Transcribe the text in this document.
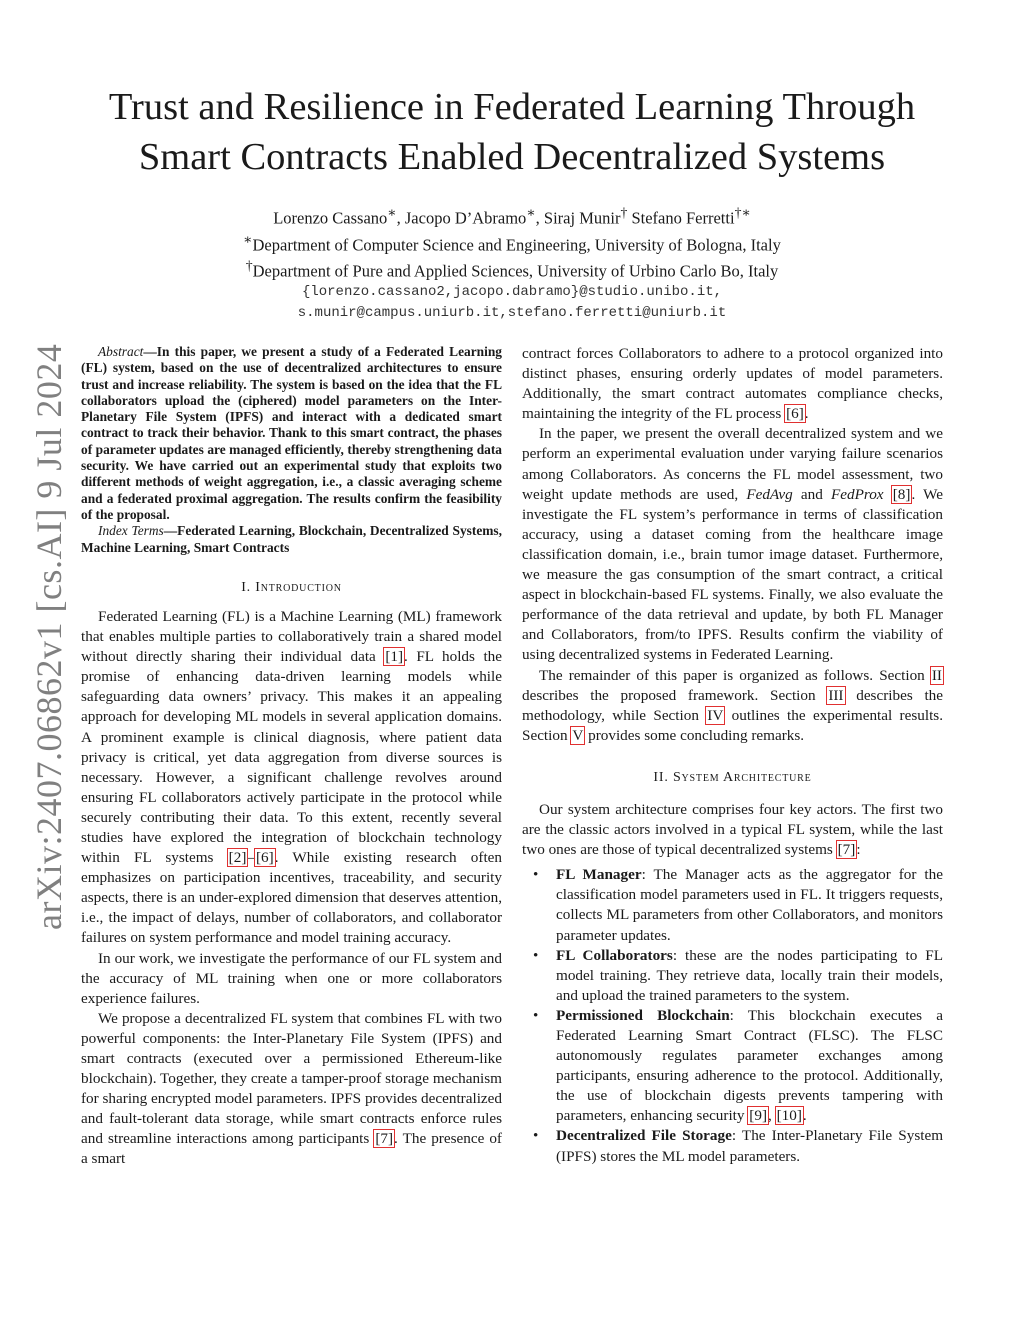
arXiv:2407.06862v1 [cs.AI] 9 Jul 2024
Trust and Resilience in Federated Learning Through
Smart Contracts Enabled Decentralized Systems
Lorenzo Cassano∗, Jacopo D’Abramo∗, Siraj Munir† Stefano Ferretti†∗
∗Department of Computer Science and Engineering, University of Bologna, Italy
†Department of Pure and Applied Sciences, University of Urbino Carlo Bo, Italy
{lorenzo.cassano2,jacopo.dabramo}@studio.unibo.it,
s.munir@campus.uniurb.it,stefano.ferretti@uniurb.it

Abstract—In this paper, we present a study of a Federated Learning (FL) system, based on the use of decentralized architectures to ensure trust and increase reliability. The system is based on the idea that the FL collaborators upload the (ciphered) model parameters on the Inter-Planetary File System (IPFS) and interact with a dedicated smart contract to track their behavior. Thank to this smart contract, the phases of parameter updates are managed efficiently, thereby strengthening data security. We have carried out an experimental study that exploits two different methods of weight aggregation, i.e., a classic averaging scheme and a federated proximal aggregation. The results confirm the feasibility of the proposal.

Index Terms—Federated Learning, Blockchain, Decentralized Systems, Machine Learning, Smart Contracts

I. Introduction

Federated Learning (FL) is a Machine Learning (ML) framework that enables multiple parties to collaboratively train a shared model without directly sharing their individual data [1]. FL holds the promise of enhancing data-driven learning models while safeguarding data owners’ privacy. This makes it an appealing approach for developing ML models in several application domains. A prominent example is clinical diagnosis, where patient data privacy is critical, yet data aggregation from diverse sources is necessary. However, a significant challenge revolves around ensuring FL collaborators actively participate in the protocol while securely contributing their data. To this extent, recently several studies have explored the integration of blockchain technology within FL systems [2]–[6]. While existing research often emphasizes on participation incentives, traceability, and security aspects, there is an under-explored dimension that deserves attention, i.e., the impact of delays, number of collaborators, and collaborator failures on system performance and model training accuracy.

In our work, we investigate the performance of our FL system and the accuracy of ML training when one or more collaborators experience failures.

We propose a decentralized FL system that combines FL with two powerful components: the Inter-Planetary File System (IPFS) and smart contracts (executed over a permissioned Ethereum-like blockchain). Together, they create a tamper-proof storage mechanism for sharing encrypted model parameters. IPFS provides decentralized and fault-tolerant data storage, while smart contracts enforce rules and streamline interactions among participants [7]. The presence of a smart

contract forces Collaborators to adhere to a protocol organized into distinct phases, ensuring orderly updates of model parameters. Additionally, the smart contract automates compliance checks, maintaining the integrity of the FL process [6].

In the paper, we present the overall decentralized system and we perform an experimental evaluation under varying failure scenarios among Collaborators. As concerns the FL model assessment, two weight update methods are used, FedAvg and FedProx [8]. We investigate the FL system’s performance in terms of classification accuracy, using a dataset coming from the healthcare image classification domain, i.e., brain tumor image dataset. Furthermore, we measure the gas consumption of the smart contract, a critical aspect in blockchain-based FL systems. Finally, we also evaluate the performance of the data retrieval and update, by both FL Manager and Collaborators, from/to IPFS. Results confirm the viability of using decentralized systems in Federated Learning.

The remainder of this paper is organized as follows. Section II describes the proposed framework. Section III describes the methodology, while Section IV outlines the experimental results. Section V provides some concluding remarks.

II. System Architecture

Our system architecture comprises four key actors. The first two are the classic actors involved in a typical FL system, while the last two ones are those of typical decentralized systems [7]:

• FL Manager: The Manager acts as the aggregator for the classification model parameters used in FL. It triggers requests, collects ML parameters from other Collaborators, and monitors parameter updates.
• FL Collaborators: these are the nodes participating to FL model training. They retrieve data, locally train their models, and upload the trained parameters to the system.
• Permissioned Blockchain: This blockchain executes a Federated Learning Smart Contract (FLSC). The FLSC autonomously regulates parameter exchanges among participants, ensuring adherence to the protocol. Additionally, the use of blockchain digests prevents tampering with parameters, enhancing security [9], [10].
• Decentralized File Storage: The Inter-Planetary File System (IPFS) stores the ML model parameters.
